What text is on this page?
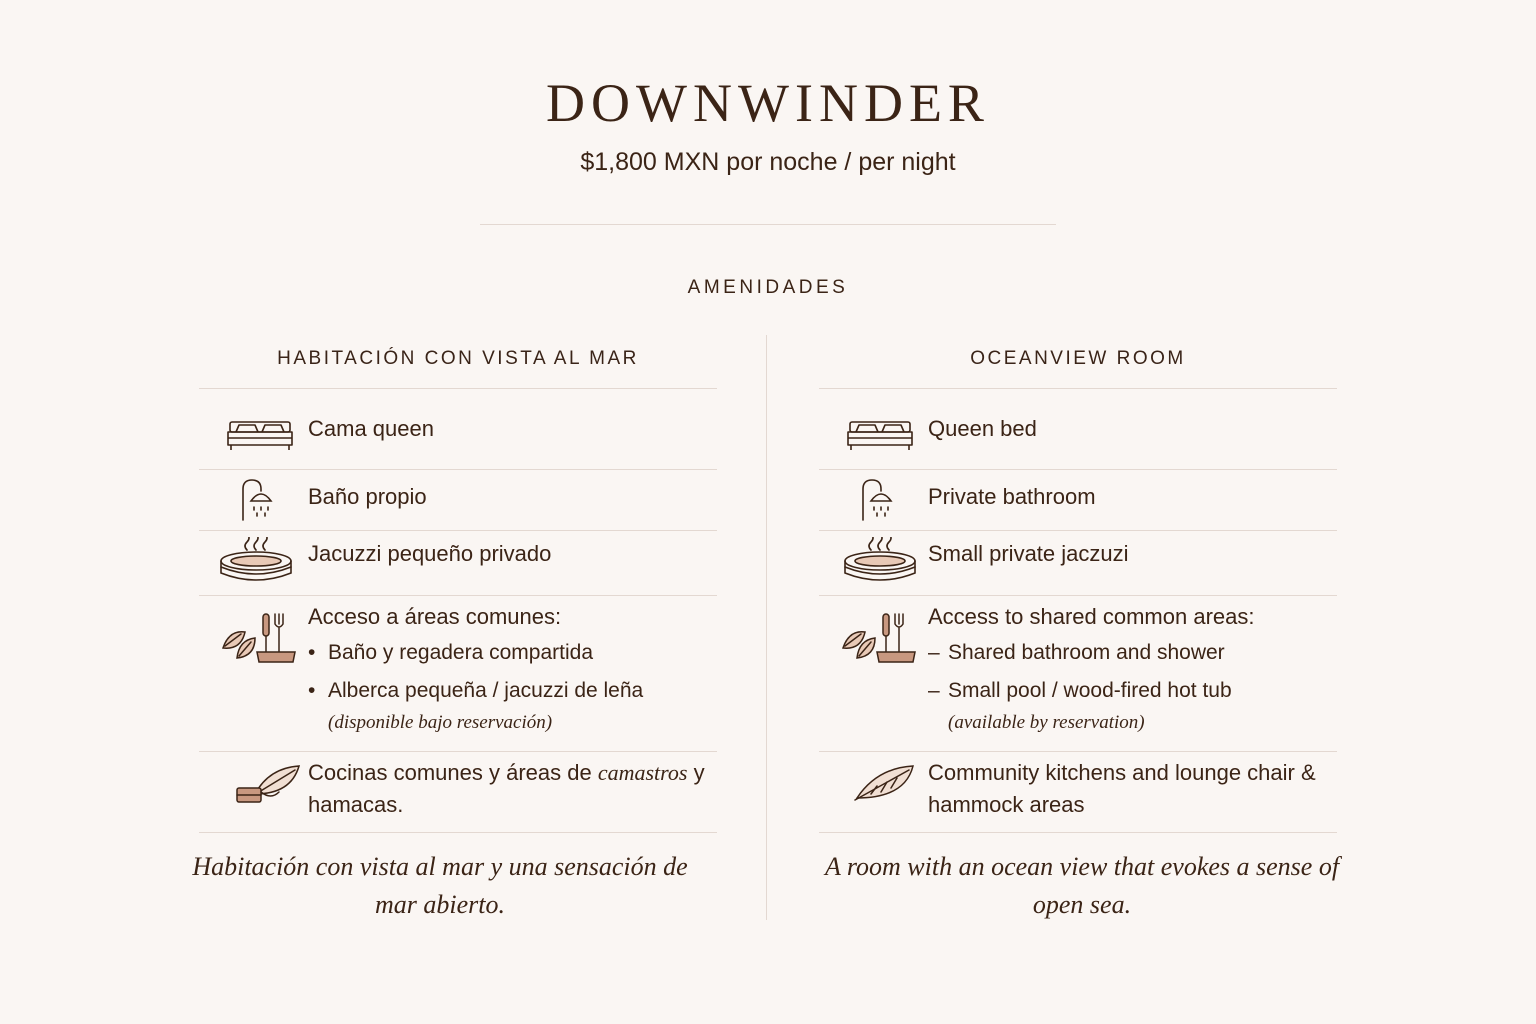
DOWNWINDER
$1,800 MXN por noche / per night
AMENIDADES
HABITACIÓN CON VISTA AL MAR
Cama queen
Baño propio
Jacuzzi pequeño privado
Acceso a áreas comunes:
• Baño y regadera compartida
• Alberca pequeña / jacuzzi de leña
(disponible bajo reservación)
Cocinas comunes y áreas de camastros y hamacas.
OCEANVIEW ROOM
Queen bed
Private bathroom
Small private jaczuzi
Access to shared common areas:
– Shared bathroom and shower
– Small pool / wood-fired hot tub
(available by reservation)
Community kitchens and lounge chair & hammock areas
Habitación con vista al mar y una sensación de mar abierto.
A room with an ocean view that evokes a sense of open sea.
